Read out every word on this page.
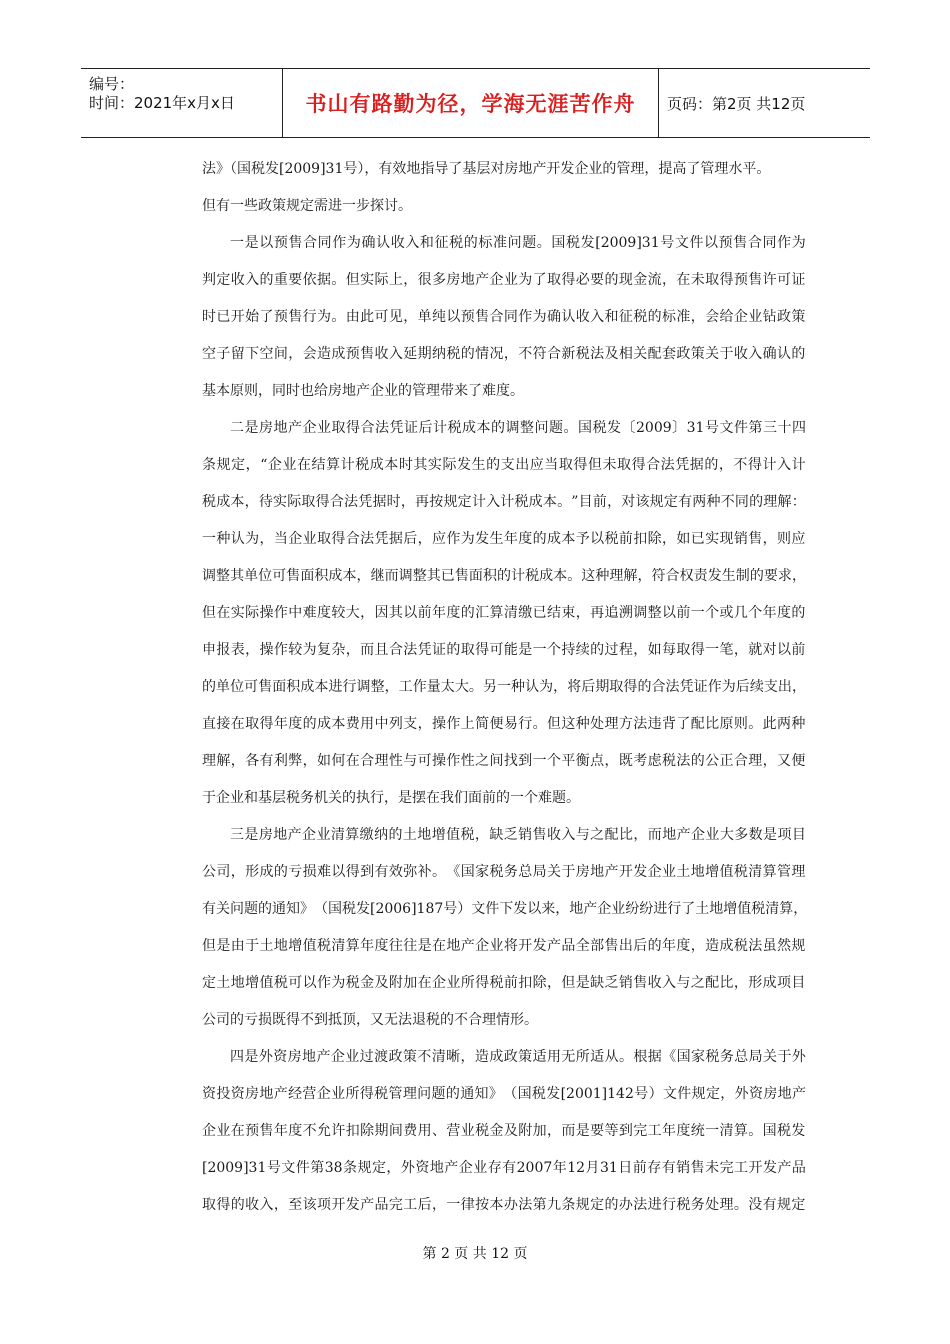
编号：
时间：2021年x月x日	书山有路勤为径，学海无涯苦作舟 页码：第2页 共12页
法》（国税发[2009]31号），有效地指导了基层对房地产开发企业的管理，提高了管理水平。
但有一些政策规定需进一步探讨。
一 是 以 预 售 合 同 作 为 确 认 收 入 和 征 税 的 标 准 问 题 。 国 税 发 [2009]31 号 文 件 以 预 售 合 同 作 为
判 定 收 入 的 重 要 依 据 。 但 实 际 上 ， 很 多 房 地 产 企 业 为 了 取 得 必 要 的 现 金 流 ， 在 未 取 得 预 售 许 可 证
时 已 开 始 了 预 售 行 为 。 由 此 可 见 ， 单 纯 以 预 售 合 同 作 为 确 认 收 入 和 征 税 的 标 准 ， 会 给 企 业 钻 政 策
空 子 留 下 空 间 ， 会 造 成 预 售 收 入 延 期 纳 税 的 情 况 ， 不 符 合 新 税 法 及 相 关 配 套 政 策 关 于 收 入 确 认 的
基本原则，同时也给房地产企业的管理带来了难度。
二 是 房 地 产 企 业 取 得 合 法 凭 证 后 计 税 成 本 的 调 整 问 题 。 国 税 发 〔 2009 〕 31 号 文 件 第 三 十 四
条 规 定 ， “ 企 业 在 结 算 计 税 成 本 时 其 实 际 发 生 的 支 出 应 当 取 得 但 未 取 得 合 法 凭 据 的 ， 不 得 计 入 计
税 成 本 ， 待 实 际 取 得 合 法 凭 据 时 ， 再 按 规 定 计 入 计 税 成 本 。 ” 目 前 ， 对 该 规 定 有 两 种 不 同 的 理 解 ：
一 种 认 为 ， 当 企 业 取 得 合 法 凭 据 后 ， 应 作 为 发 生 年 度 的 成 本 予 以 税 前 扣 除 ， 如 已 实 现 销 售 ， 则 应
调 整 其 单 位 可 售 面 积 成 本 ， 继 而 调 整 其 已 售 面 积 的 计 税 成 本 。 这 种 理 解 ， 符 合 权 责 发 生 制 的 要 求 ，
但 在 实 际 操 作 中 难 度 较 大 ， 因 其 以 前 年 度 的 汇 算 清 缴 已 结 束 ， 再 追 溯 调 整 以 前 一 个 或 几 个 年 度 的
申 报 表 ， 操 作 较 为 复 杂 ， 而 且 合 法 凭 证 的 取 得 可 能 是 一 个 持 续 的 过 程 ， 如 每 取 得 一 笔 ， 就 对 以 前
的 单 位 可 售 面 积 成 本 进 行 调 整 ， 工 作 量 太 大 。 另 一 种 认 为 ， 将 后 期 取 得 的 合 法 凭 证 作 为 后 续 支 出 ，
直 接 在 取 得 年 度 的 成 本 费 用 中 列 支 ， 操 作 上 简 便 易 行 。 但 这 种 处 理 方 法 违 背 了 配 比 原 则 。 此 两 种
理 解 ， 各 有 利 弊 ， 如 何 在 合 理 性 与 可 操 作 性 之 间 找 到 一 个 平 衡 点 ， 既 考 虑 税 法 的 公 正 合 理 ， 又 便
于企业和基层税务机关的执行，是摆在我们面前的一个难题。
三 是 房 地 产 企 业 清 算 缴 纳 的 土 地 增 值 税 ， 缺 乏 销 售 收 入 与 之 配 比 ， 而 地 产 企 业 大 多 数 是 项 目
公 司 ， 形 成 的 亏 损 难 以 得 到 有 效 弥 补 。 《 国 家 税 务 总 局 关 于 房 地 产 开 发 企 业 土 地 增 值 税 清 算 管 理
有 关 问 题 的 通 知 》 （ 国 税 发 [2006]187 号 ） 文 件 下 发 以 来 ， 地 产 企 业 纷 纷 进 行 了 土 地 增 值 税 清 算 ，
但 是 由 于 土 地 增 值 税 清 算 年 度 往 往 是 在 地 产 企 业 将 开 发 产 品 全 部 售 出 后 的 年 度 ， 造 成 税 法 虽 然 规
定 土 地 增 值 税 可 以 作 为 税 金 及 附 加 在 企 业 所 得 税 前 扣 除 ， 但 是 缺 乏 销 售 收 入 与 之 配 比 ， 形 成 项 目
公司的亏损既得不到抵顶，又无法退税的不合理情形。
四 是 外 资 房 地 产 企 业 过 渡 政 策 不 清 晰 ， 造 成 政 策 适 用 无 所 适 从 。 根 据 《 国 家 税 务 总 局 关 于 外
资 投 资 房 地 产 经 营 企 业 所 得 税 管 理 问 题 的 通 知 》 （ 国 税 发 [2001]142 号 ） 文 件 规 定 ， 外 资 房 地 产
企 业 在 预 售 年 度 不 允 许 扣 除 期 间 费 用 、 营 业 税 金 及 附 加 ， 而 是 要 等 到 完 工 年 度 统 一 清 算 。 国 税 发
[2009]31 号 文 件 第 38 条 规 定 ， 外 资 地 产 企 业 存 有 2007 年 12 月 31 日 前 存 有 销 售 未 完 工 开 发 产 品
取 得 的 收 入 ， 至 该 项 开 发 产 品 完 工 后 ， 一 律 按 本 办 法 第 九 条 规 定 的 办 法 进 行 税 务 处 理 。 没 有 规 定
第 2 页 共 12 页
